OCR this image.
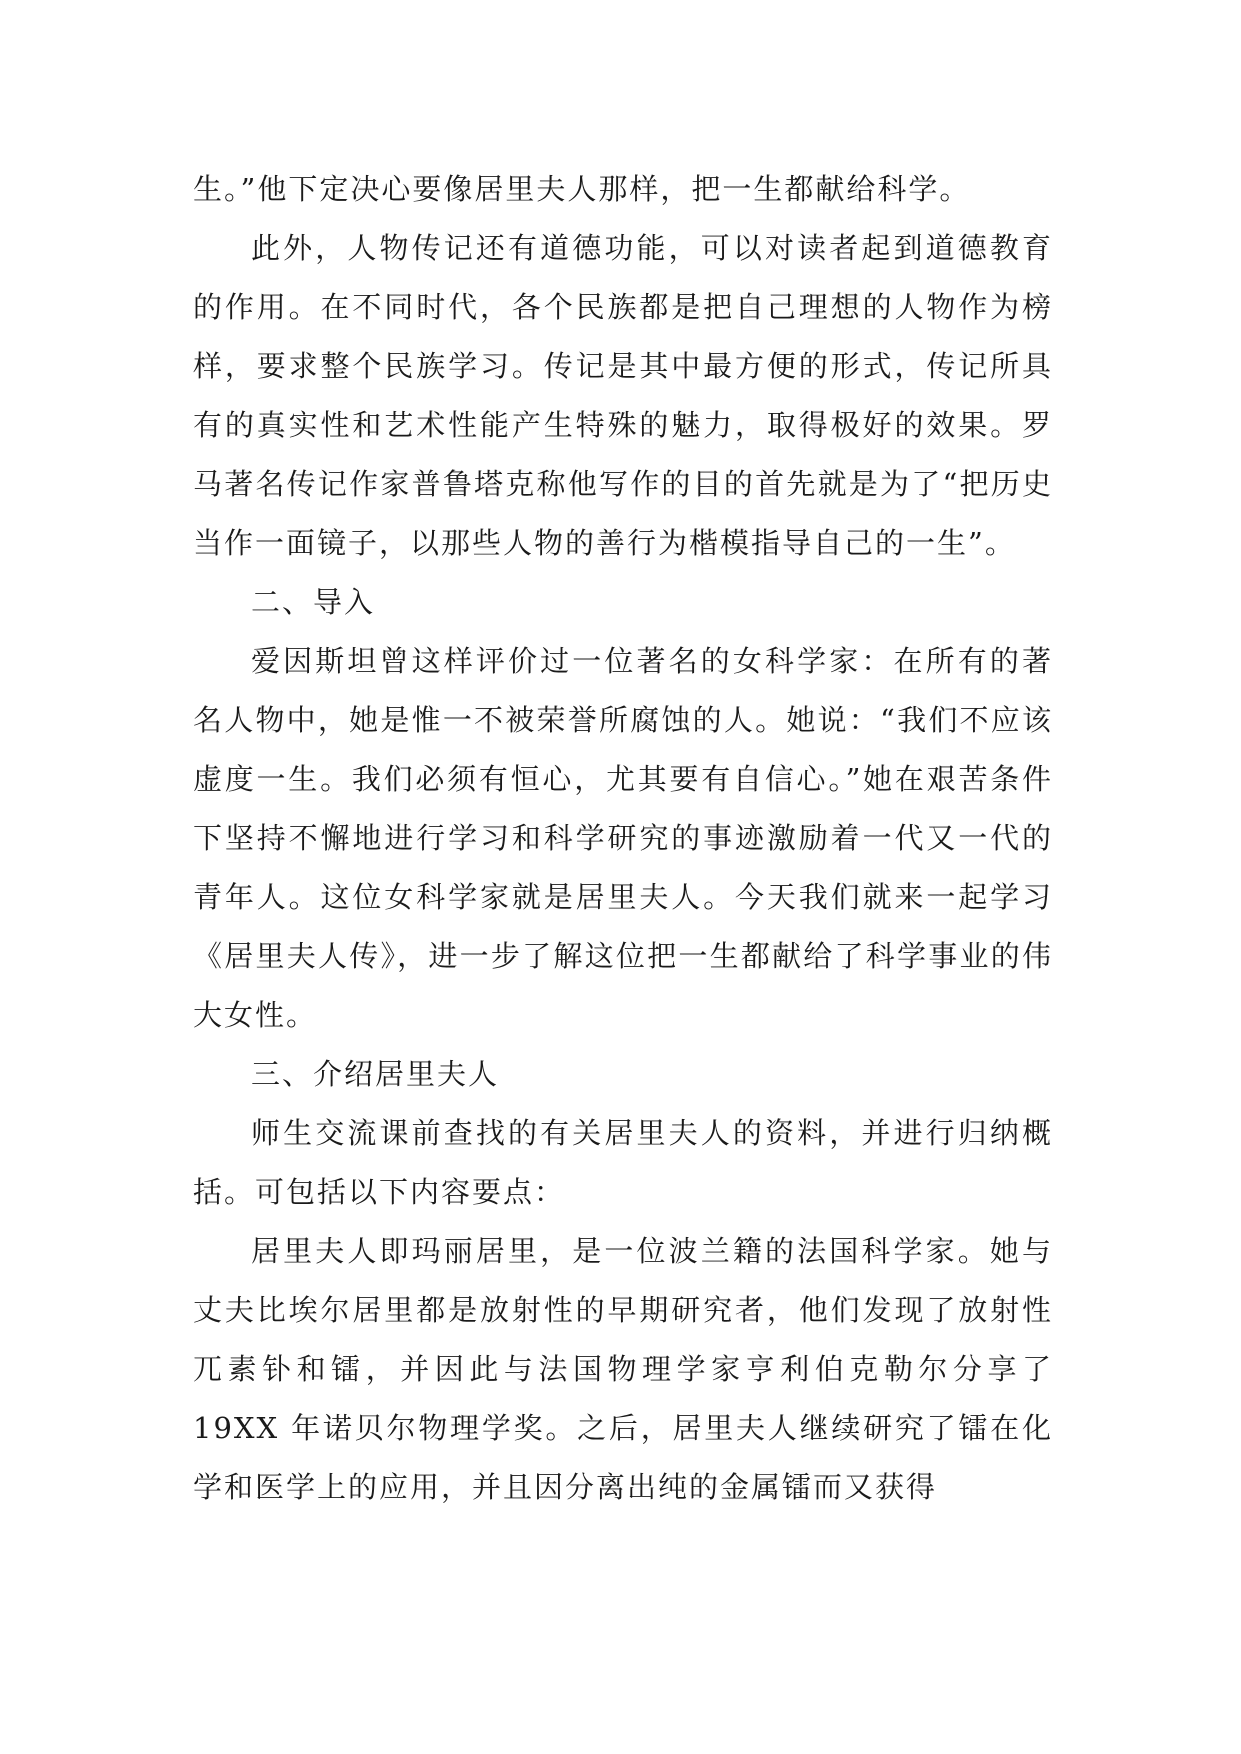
生。”他下定决心要像居里夫人那样，把一生都献给科学。

此外，人物传记还有道德功能，可以对读者起到道德教育的作用。在不同时代，各个民族都是把自己理想的人物作为榜样，要求整个民族学习。传记是其中最方便的形式，传记所具有的真实性和艺术性能产生特殊的魅力，取得极好的效果。罗马著名传记作家普鲁塔克称他写作的目的首先就是为了“把历史当作一面镜子，以那些人物的善行为楷模指导自己的一生”。

二、导入

爱因斯坦曾这样评价过一位著名的女科学家：在所有的著名人物中，她是惟一不被荣誉所腐蚀的人。她说：“我们不应该虚度一生。我们必须有恒心，尤其要有自信心。”她在艰苦条件下坚持不懈地进行学习和科学研究的事迹激励着一代又一代的青年人。这位女科学家就是居里夫人。今天我们就来一起学习《居里夫人传》，进一步了解这位把一生都献给了科学事业的伟大女性。

三、介绍居里夫人

师生交流课前查找的有关居里夫人的资料，并进行归纳概括。可包括以下内容要点：

居里夫人即玛丽居里，是一位波兰籍的法国科学家。她与丈夫比埃尔居里都是放射性的早期研究者，他们发现了放射性兀素钋和镭，并因此与法国物理学家亨利伯克勒尔分享了 19XX 年诺贝尔物理学奖。之后，居里夫人继续研究了镭在化学和医学上的应用，并且因分离出纯的金属镭而又获得
